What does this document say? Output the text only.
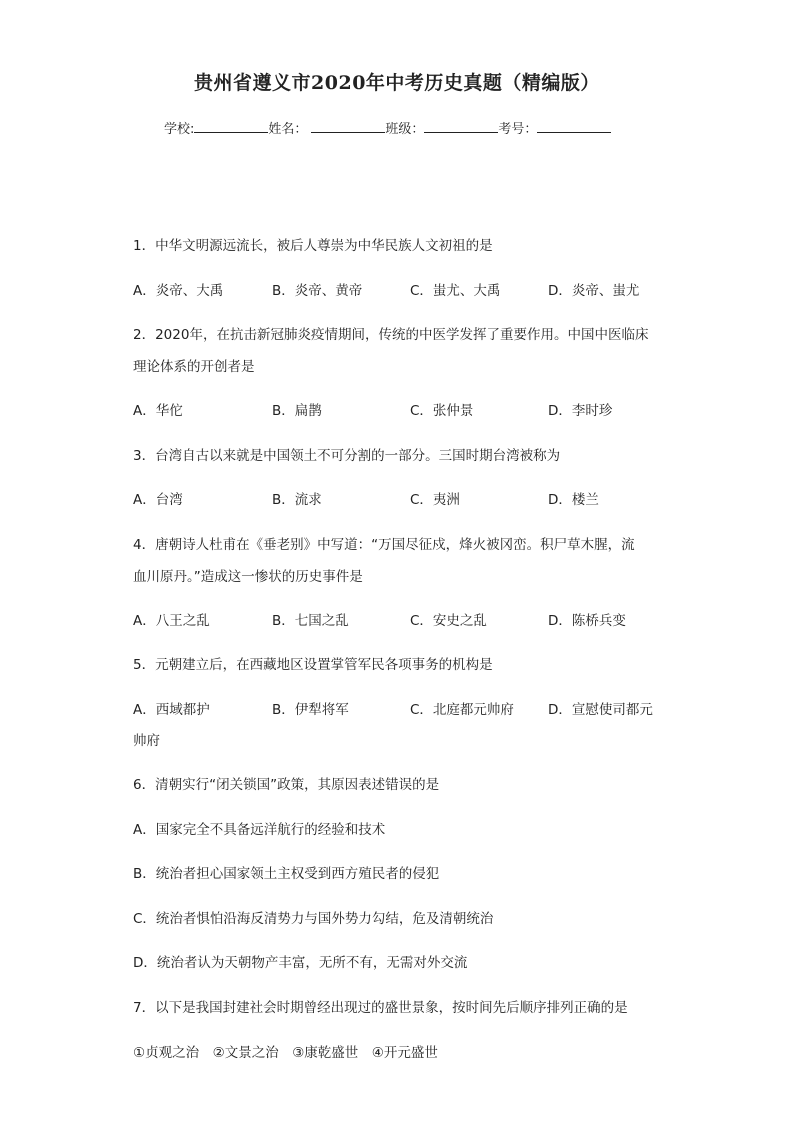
贵州省遵义市2020年中考历史真题（精编版）
学校:	姓名：	班级：	考号：
1．中华文明源远流长，被后人尊崇为中华民族人文初祖的是
A．炎帝、大禹	B．炎帝、黄帝	C．蚩尤、大禹	D．炎帝、蚩尤
2．2020年，在抗击新冠肺炎疫情期间，传统的中医学发挥了重要作用。中国中医临床
理论体系的开创者是
A．华佗	B．扁鹊	C．张仲景	D．李时珍
3．台湾自古以来就是中国领土不可分割的一部分。三国时期台湾被称为
A．台湾	B．流求	C．夷洲	D．楼兰
4．唐朝诗人杜甫在《垂老别》中写道：“万国尽征戍，烽火被冈峦。积尸草木腥，流
血川原丹。”造成这一惨状的历史事件是
A．八王之乱	B．七国之乱	C．安史之乱	D．陈桥兵变
5．元朝建立后，在西藏地区设置掌管军民各项事务的机构是
A．西域都护	B．伊犁将军	C．北庭都元帅府	D．宣慰使司都元
帅府
6．清朝实行“闭关锁国”政策，其原因表述错误的是
A．国家完全不具备远洋航行的经验和技术
B．统治者担心国家领土主权受到西方殖民者的侵犯
C．统治者惧怕沿海反清势力与国外势力勾结，危及清朝统治
D．统治者认为天朝物产丰富，无所不有，无需对外交流
7．以下是我国封建社会时期曾经出现过的盛世景象，按时间先后顺序排列正确的是
①贞观之治　②文景之治　③康乾盛世　④开元盛世
